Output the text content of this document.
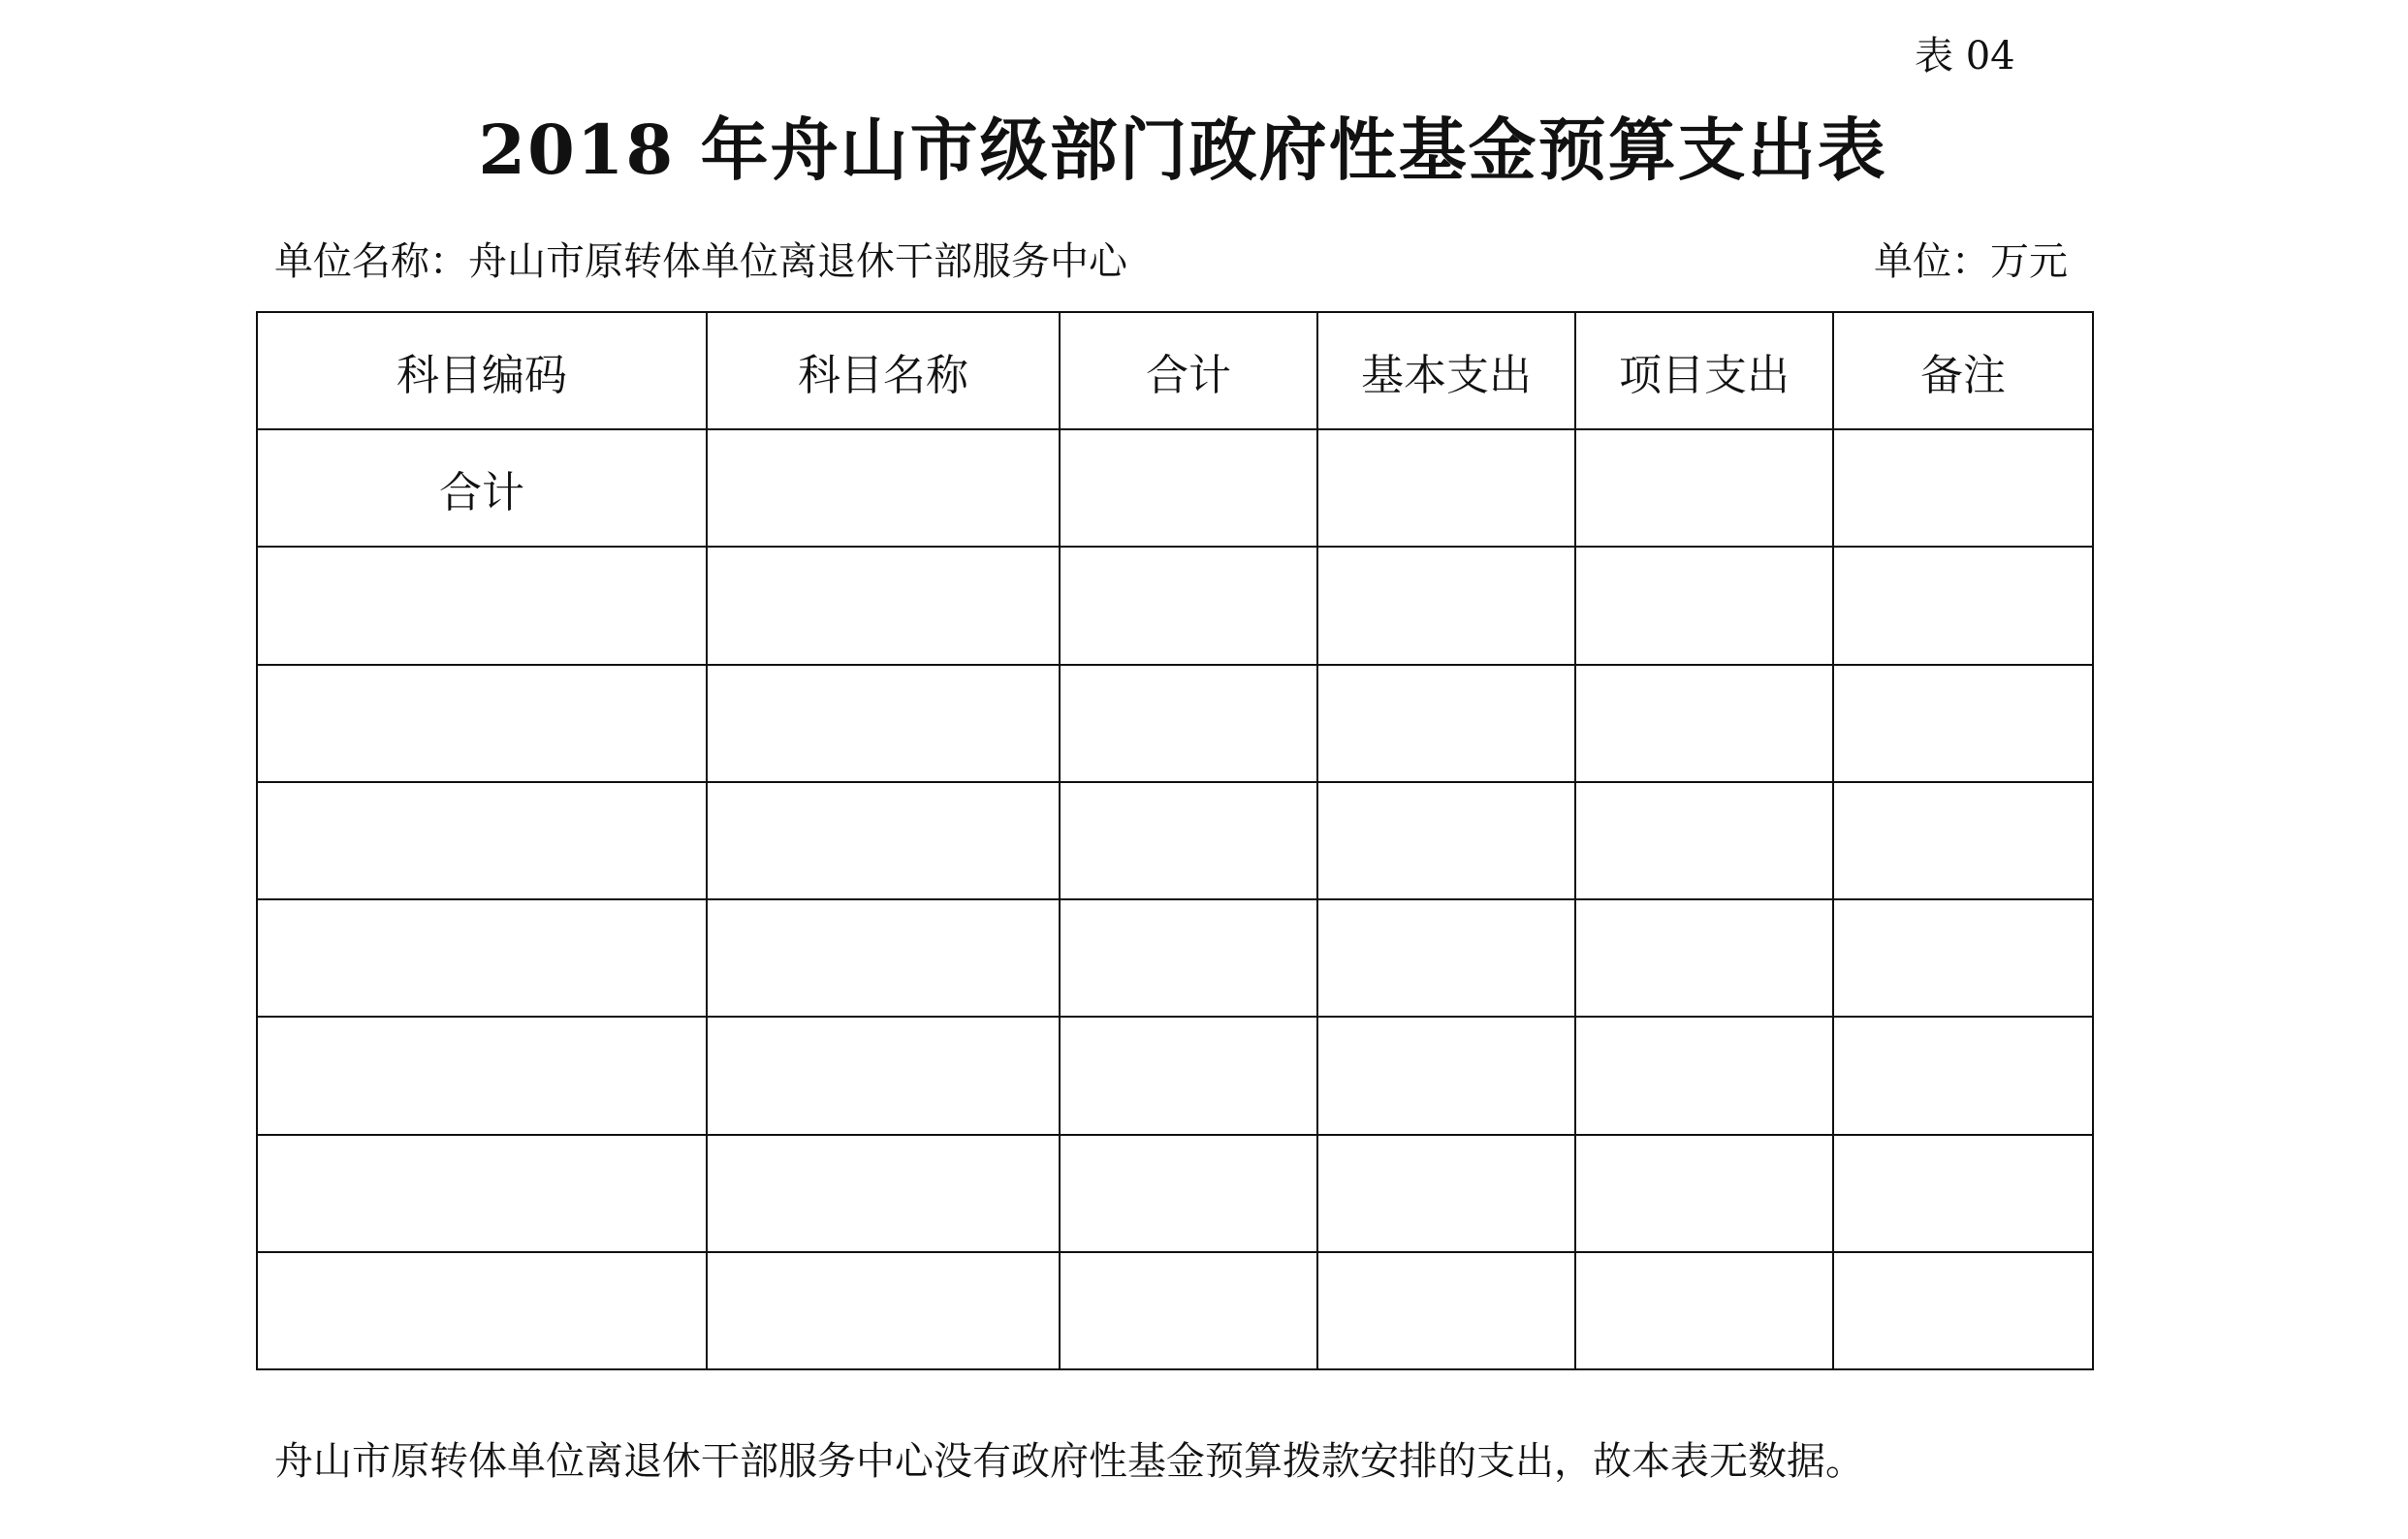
表 04
2018 年舟山市级部门政府性基金预算支出表
单位名称：舟山市原转体单位离退休干部服务中心	单位：万元
科目编码	科目名称	合计	基本支出	项目支出	备注
合计					

舟山市原转体单位离退休干部服务中心没有政府性基金预算拨款安排的支出，故本表无数据。
